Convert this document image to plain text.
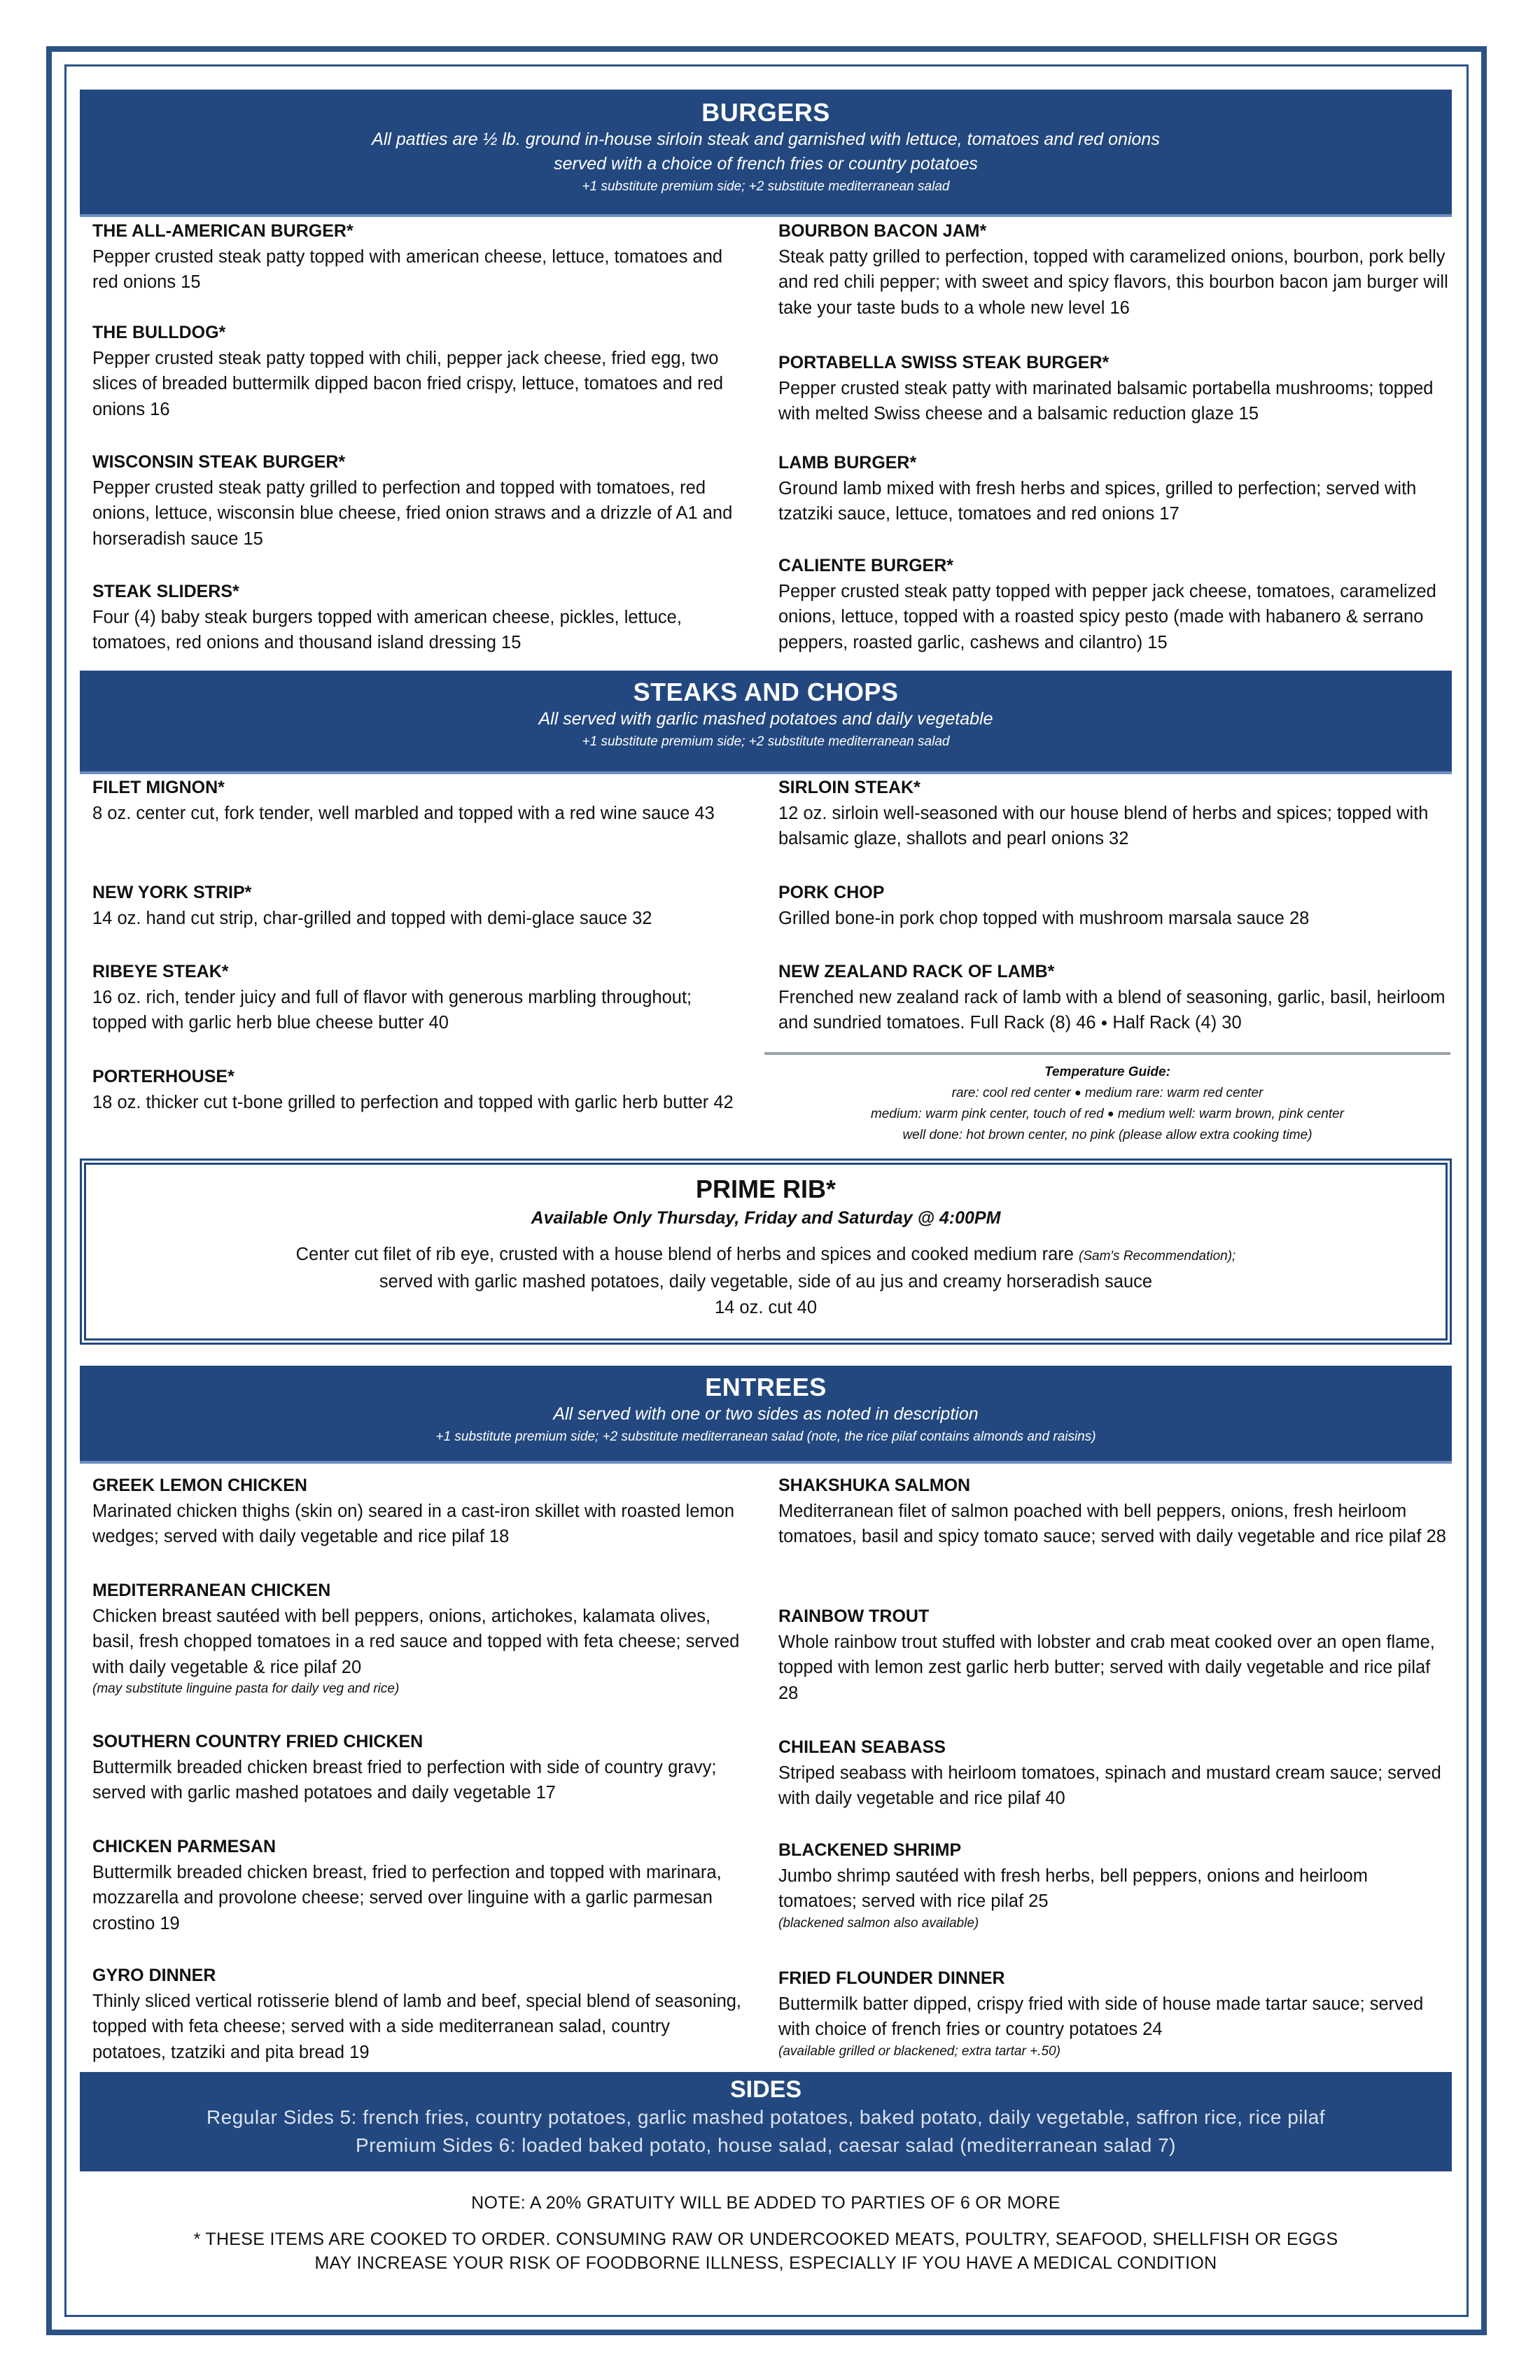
BURGERS
All patties are ½ lb. ground in-house sirloin steak and garnished with lettuce, tomatoes and red onions
served with a choice of french fries or country potatoes
+1 substitute premium side; +2 substitute mediterranean salad
THE ALL-AMERICAN BURGER*
Pepper crusted steak patty topped with american cheese, lettuce, tomatoes and red onions 15
THE BULLDOG*
Pepper crusted steak patty topped with chili, pepper jack cheese, fried egg, two slices of breaded buttermilk dipped bacon fried crispy, lettuce, tomatoes and red onions 16
WISCONSIN STEAK BURGER*
Pepper crusted steak patty grilled to perfection and topped with tomatoes, red onions, lettuce, wisconsin blue cheese, fried onion straws and a drizzle of A1 and horseradish sauce 15
STEAK SLIDERS*
Four (4) baby steak burgers topped with american cheese, pickles, lettuce, tomatoes, red onions and thousand island dressing 15
BOURBON BACON JAM*
Steak patty grilled to perfection, topped with caramelized onions, bourbon, pork belly and red chili pepper; with sweet and spicy flavors, this bourbon bacon jam burger will take your taste buds to a whole new level 16
PORTABELLA SWISS STEAK BURGER*
Pepper crusted steak patty with marinated balsamic portabella mushrooms; topped with melted Swiss cheese and a balsamic reduction glaze 15
LAMB BURGER*
Ground lamb mixed with fresh herbs and spices, grilled to perfection; served with tzatziki sauce, lettuce, tomatoes and red onions 17
CALIENTE BURGER*
Pepper crusted steak patty topped with pepper jack cheese, tomatoes, caramelized onions, lettuce, topped with a roasted spicy pesto (made with habanero & serrano peppers, roasted garlic, cashews and cilantro) 15
STEAKS AND CHOPS
All served with garlic mashed potatoes and daily vegetable
+1 substitute premium side; +2 substitute mediterranean salad
FILET MIGNON*
8 oz. center cut, fork tender, well marbled and topped with a red wine sauce 43
NEW YORK STRIP*
14 oz. hand cut strip, char-grilled and topped with demi-glace sauce 32
RIBEYE STEAK*
16 oz. rich, tender juicy and full of flavor with generous marbling throughout; topped with garlic herb blue cheese butter 40
PORTERHOUSE*
18 oz. thicker cut t-bone grilled to perfection and topped with garlic herb butter 42
SIRLOIN STEAK*
12 oz. sirloin well-seasoned with our house blend of herbs and spices; topped with balsamic glaze, shallots and pearl onions 32
PORK CHOP
Grilled bone-in pork chop topped with mushroom marsala sauce 28
NEW ZEALAND RACK OF LAMB*
Frenched new zealand rack of lamb with a blend of seasoning, garlic, basil, heirloom and sundried tomatoes. Full Rack (8) 46 ● Half Rack (4) 30
Temperature Guide:
rare: cool red center ● medium rare: warm red center
medium: warm pink center, touch of red ● medium well: warm brown, pink center
well done: hot brown center, no pink (please allow extra cooking time)
PRIME RIB*
Available Only Thursday, Friday and Saturday @ 4:00PM
Center cut filet of rib eye, crusted with a house blend of herbs and spices and cooked medium rare (Sam's Recommendation);
served with garlic mashed potatoes, daily vegetable, side of au jus and creamy horseradish sauce
14 oz. cut 40
ENTREES
All served with one or two sides as noted in description
+1 substitute premium side; +2 substitute mediterranean salad (note, the rice pilaf contains almonds and raisins)
GREEK LEMON CHICKEN
Marinated chicken thighs (skin on) seared in a cast-iron skillet with roasted lemon wedges; served with daily vegetable and rice pilaf 18
MEDITERRANEAN CHICKEN
Chicken breast sautéed with bell peppers, onions, artichokes, kalamata olives, basil, fresh chopped tomatoes in a red sauce and topped with feta cheese; served with daily vegetable & rice pilaf 20
(may substitute linguine pasta for daily veg and rice)
SOUTHERN COUNTRY FRIED CHICKEN
Buttermilk breaded chicken breast fried to perfection with side of country gravy; served with garlic mashed potatoes and daily vegetable 17
CHICKEN PARMESAN
Buttermilk breaded chicken breast, fried to perfection and topped with marinara, mozzarella and provolone cheese; served over linguine with a garlic parmesan crostino 19
GYRO DINNER
Thinly sliced vertical rotisserie blend of lamb and beef, special blend of seasoning, topped with feta cheese; served with a side mediterranean salad, country potatoes, tzatziki and pita bread 19
SHAKSHUKA SALMON
Mediterranean filet of salmon poached with bell peppers, onions, fresh heirloom tomatoes, basil and spicy tomato sauce; served with daily vegetable and rice pilaf 28
RAINBOW TROUT
Whole rainbow trout stuffed with lobster and crab meat cooked over an open flame, topped with lemon zest garlic herb butter; served with daily vegetable and rice pilaf 28
CHILEAN SEABASS
Striped seabass with heirloom tomatoes, spinach and mustard cream sauce; served with daily vegetable and rice pilaf 40
BLACKENED SHRIMP
Jumbo shrimp sautéed with fresh herbs, bell peppers, onions and heirloom tomatoes; served with rice pilaf 25
(blackened salmon also available)
FRIED FLOUNDER DINNER
Buttermilk batter dipped, crispy fried with side of house made tartar sauce; served with choice of french fries or country potatoes 24
(available grilled or blackened; extra tartar +.50)
SIDES
Regular Sides 5: french fries, country potatoes, garlic mashed potatoes, baked potato, daily vegetable, saffron rice, rice pilaf
Premium Sides 6: loaded baked potato, house salad, caesar salad (mediterranean salad 7)
NOTE: A 20% GRATUITY WILL BE ADDED TO PARTIES OF 6 OR MORE
* THESE ITEMS ARE COOKED TO ORDER. CONSUMING RAW OR UNDERCOOKED MEATS, POULTRY, SEAFOOD, SHELLFISH OR EGGS
MAY INCREASE YOUR RISK OF FOODBORNE ILLNESS, ESPECIALLY IF YOU HAVE A MEDICAL CONDITION
